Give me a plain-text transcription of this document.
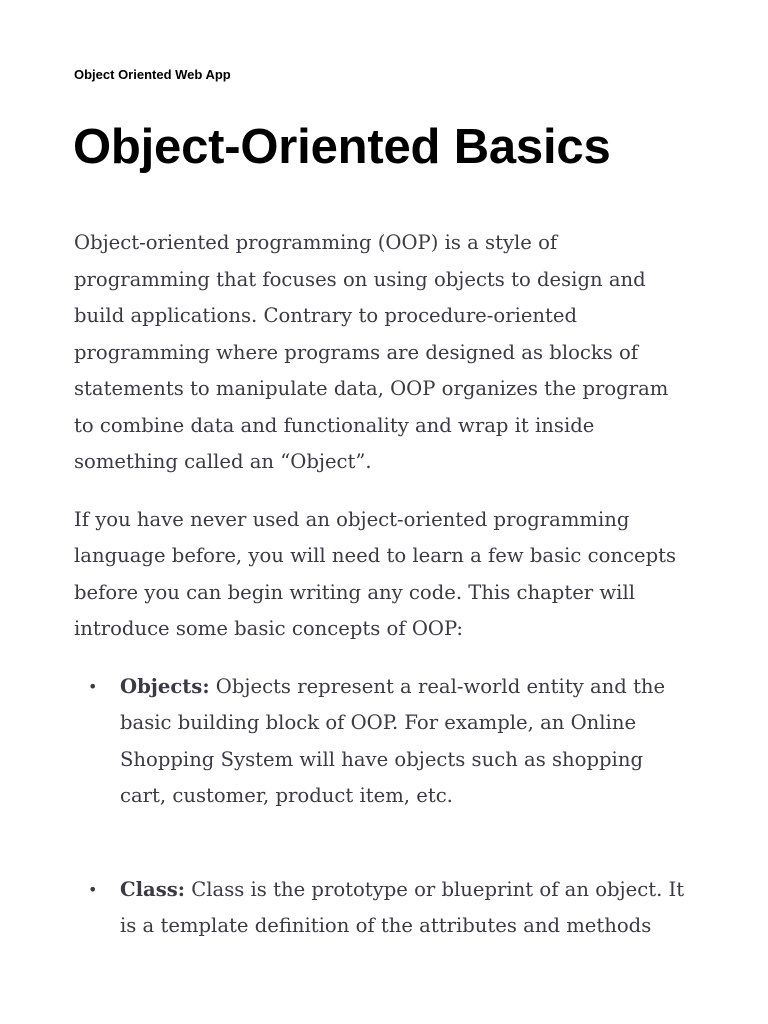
Object Oriented Web App
Object-Oriented Basics

Object-oriented programming (OOP) is a style of programming that focuses on using objects to design and build applications. Contrary to procedure-oriented programming where programs are designed as blocks of statements to manipulate data, OOP organizes the program to combine data and functionality and wrap it inside something called an “Object”.

If you have never used an object-oriented programming language before, you will need to learn a few basic concepts before you can begin writing any code. This chapter will introduce some basic concepts of OOP:

• Objects: Objects represent a real-world entity and the basic building block of OOP. For example, an Online Shopping System will have objects such as shopping cart, customer, product item, etc.
• Class: Class is the prototype or blueprint of an object. It is a template definition of the attributes and methods
